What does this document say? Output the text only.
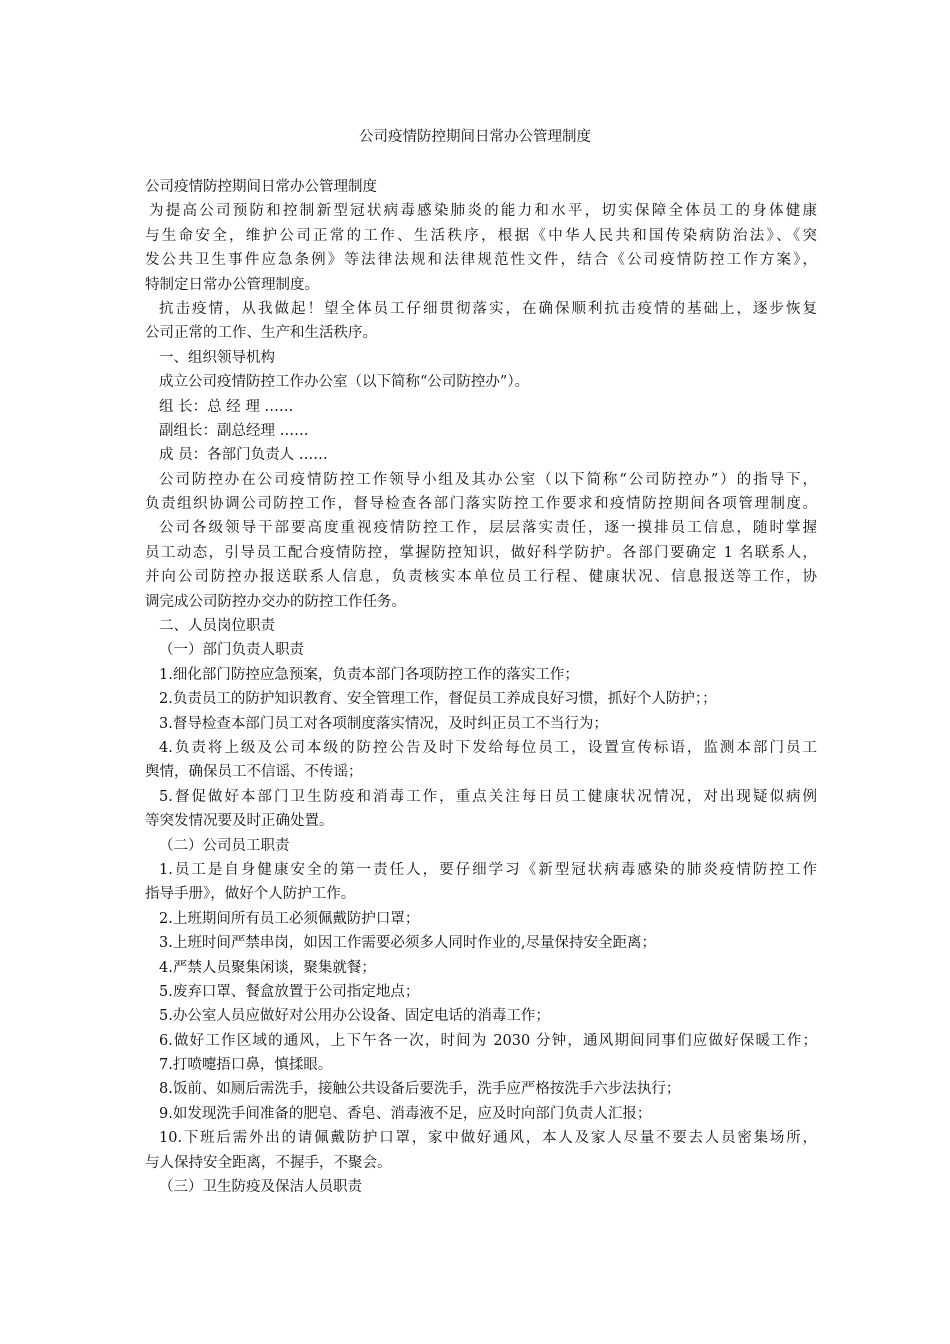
公司疫情防控期间日常办公管理制度
公司疫情防控期间日常办公管理制度
为提高公司预防和控制新型冠状病毒感染肺炎的能力和水平，切实保障全体员工的身体健康
与生命安全，维护公司正常的工作、生活秩序，根据《中华人民共和国传染病防治法》、《突
发公共卫生事件应急条例》等法律法规和法律规范性文件，结合《公司疫情防控工作方案》，
特制定日常办公管理制度。
抗击疫情，从我做起！望全体员工仔细贯彻落实，在确保顺利抗击疫情的基础上，逐步恢复
公司正常的工作、生产和生活秩序。
一、组织领导机构
成立公司疫情防控工作办公室（以下简称“公司防控办”）。
组 长：总 经 理 ……
副组长：副总经理 ……
成 员：各部门负责人 ……
公司防控办在公司疫情防控工作领导小组及其办公室（以下简称“公司防控办”）的指导下，
负责组织协调公司防控工作，督导检查各部门落实防控工作要求和疫情防控期间各项管理制度。
公司各级领导干部要高度重视疫情防控工作，层层落实责任，逐一摸排员工信息，随时掌握
员工动态，引导员工配合疫情防控，掌握防控知识，做好科学防护。各部门要确定 1 名联系人，
并向公司防控办报送联系人信息，负责核实本单位员工行程、健康状况、信息报送等工作，协
调完成公司防控办交办的防控工作任务。
二、人员岗位职责
（一）部门负责人职责
1.细化部门防控应急预案，负责本部门各项防控工作的落实工作；
2.负责员工的防护知识教育、安全管理工作，督促员工养成良好习惯，抓好个人防护；；
3.督导检查本部门员工对各项制度落实情况，及时纠正员工不当行为；
4.负责将上级及公司本级的防控公告及时下发给每位员工，设置宣传标语，监测本部门员工
舆情，确保员工不信谣、不传谣；
5.督促做好本部门卫生防疫和消毒工作，重点关注每日员工健康状况情况，对出现疑似病例
等突发情况要及时正确处置。
（二）公司员工职责
1.员工是自身健康安全的第一责任人，要仔细学习《新型冠状病毒感染的肺炎疫情防控工作
指导手册》，做好个人防护工作。
2.上班期间所有员工必须佩戴防护口罩；
3.上班时间严禁串岗，如因工作需要必须多人同时作业的,尽量保持安全距离；
4.严禁人员聚集闲谈，聚集就餐；
5.废弃口罩、餐盒放置于公司指定地点；
5.办公室人员应做好对公用办公设备、固定电话的消毒工作；
6.做好工作区域的通风，上下午各一次，时间为 2030 分钟，通风期间同事们应做好保暖工作；
7.打喷嚏捂口鼻，慎揉眼。
8.饭前、如厕后需洗手，接触公共设备后要洗手，洗手应严格按洗手六步法执行；
9.如发现洗手间准备的肥皂、香皂、消毒液不足，应及时向部门负责人汇报；
10.下班后需外出的请佩戴防护口罩，家中做好通风，本人及家人尽量不要去人员密集场所，
与人保持安全距离，不握手，不聚会。
（三）卫生防疫及保洁人员职责
